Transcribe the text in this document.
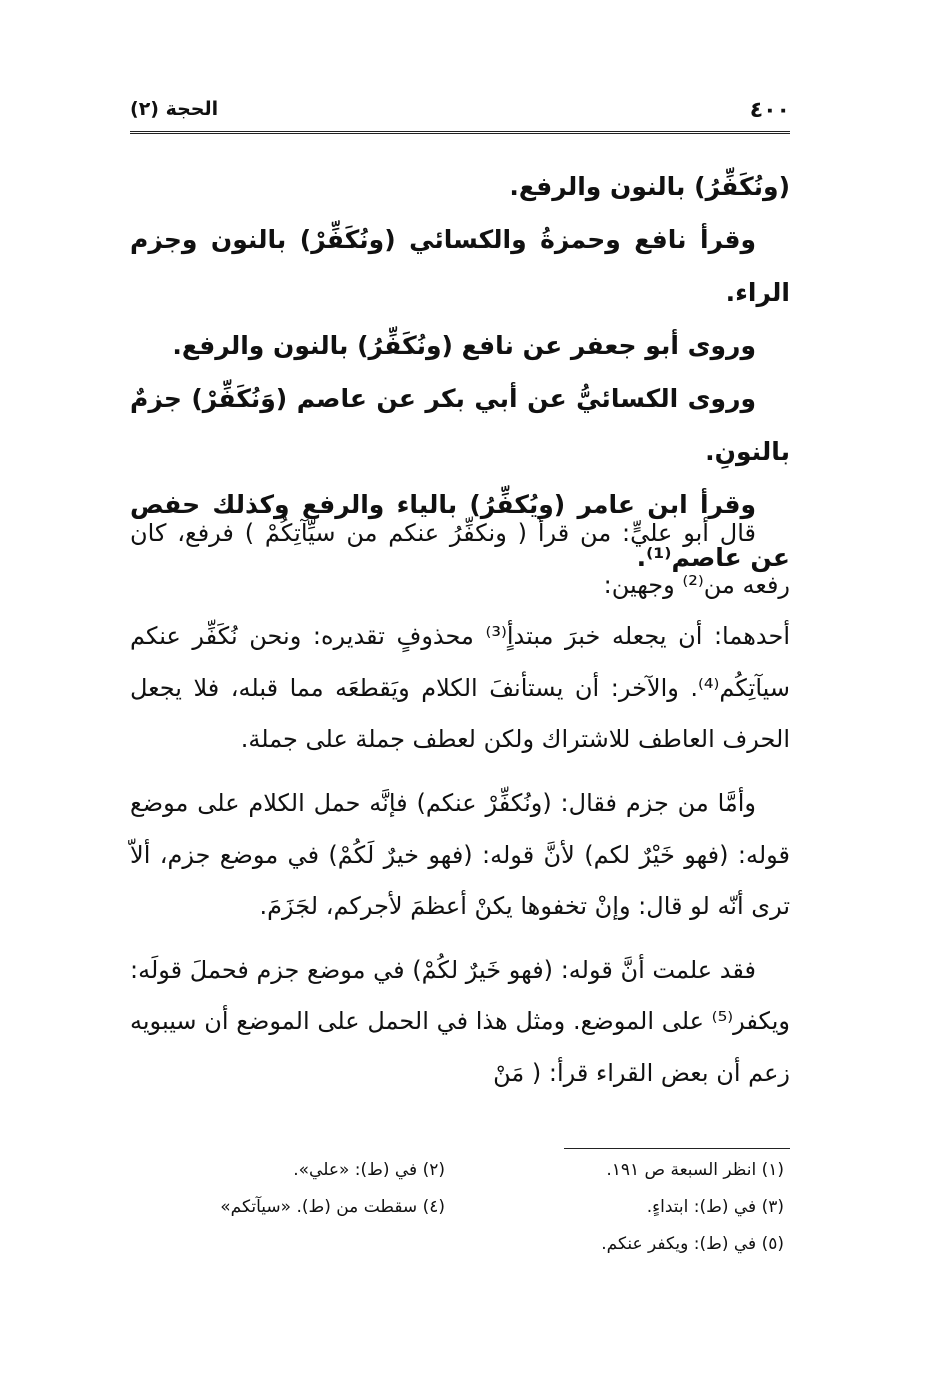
٤٠٠
الحجة (٢)

(ونُكَفِّرُ) بالنون والرفع.

وقرأ نافع وحمزةُ والكسائي (ونُكَفِّرْ) بالنون وجزم الراء.

وروى أبو جعفر عن نافع (ونُكَفِّرُ) بالنون والرفع.

وروى الكسائيُّ عن أبي بكر عن عاصم (وَنُكَفِّرْ) جزمٌ بالنونِ.

وقرأ ابن عامر (ويُكفِّرُ) بالياء والرفع وكذلك حفص عن عاصم⁽¹⁾.

قال أبو عليٍّ: من قرأ ( ونكفِّرُ عنكم من سيِّآتِكُمْ ) فرفع، كان رفعه من⁽²⁾ وجهين:

أحدهما: أن يجعله خبرَ مبتدأٍ⁽³⁾ محذوفٍ تقديره: ونحن نُكَفِّر عنكم سيآتِكُم⁽⁴⁾. والآخر: أن يستأنفَ الكلام ويَقطعَه مما قبله، فلا يجعل الحرف العاطف للاشتراك ولكن لعطف جملة على جملة.

وأمَّا من جزم فقال: (ونُكفِّرْ عنكم) فإنَّه حمل الكلام على موضع قوله: (فهو خَيْرٌ لكم) لأنَّ قوله: (فهو خيرٌ لَكُمْ) في موضع جزم، ألاّ ترى أنّه لو قال: وإنْ تخفوها يكنْ أعظمَ لأجركم، لجَزَمَ.

فقد علمت أنَّ قوله: (فهو خَيرٌ لكُمْ) في موضع جزم فحملَ قولَه: ويكفر⁽⁵⁾ على الموضع. ومثل هذا في الحمل على الموضع أن سيبويه زعم أن بعض القراء قرأ: ( مَنْ

(١) انظر السبعة ص ١٩١.
(٢) في (ط): «علي».
(٣) في (ط): ابتداءٍ.
(٤) سقطت من (ط). «سيآتكم»
(٥) في (ط): ويكفر عنكم.
